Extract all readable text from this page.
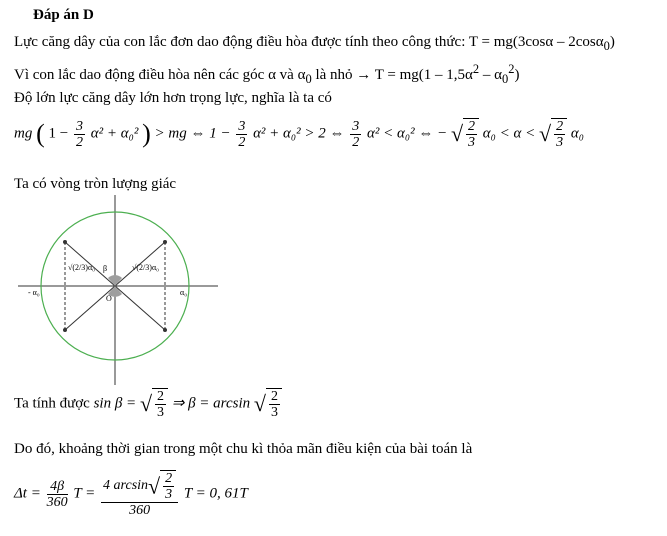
Đáp án D
Lực căng dây của con lắc đơn dao động điều hòa được tính theo công thức: T = mg(3cosα – 2cosα$_0$)
Vì con lắc dao động điều hòa nên các góc α và $\alpha_0$ là nhỏ → $T = mg(1 - 1,5\alpha^2 - \alpha_0^2)$
Độ lớn lực căng dây lớn hơn trọng lực, nghĩa là ta có
mg ( $1 - \frac{3}{2} \alpha^2 + \alpha_0^2$ ) > mg ⇔ $1 - \frac{3}{2} \alpha^2 + \alpha_0^2 > 2$ ⇔ $\frac{3}{2} \alpha^2 < \alpha_0^2$ ⇔ − √ $\frac{2}{3} \alpha_0 < \alpha$ < √ $\frac{2}{3} \alpha_0$
Ta có vòng tròn lượng giác
β
O
- α₀	α₀
√(2/3)α₀	√(2/3)α₀
Ta tính được sin β = √ $\frac{2}{3}$ ⇒ β = arcsin √ $\frac{2}{3}$
Do đó, khoảng thời gian trong một chu kì thỏa mãn điều kiện của bài toán là
$\Delta t = \frac{4\beta}{360}$ $T = \frac{4 \arcsin√ \frac{2}{3}}{360}$ T = 0, 61T
